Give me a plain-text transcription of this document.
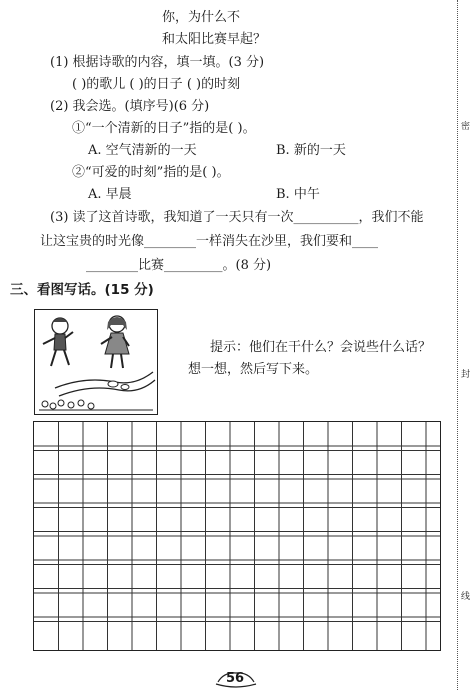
密
封
线
你，为什么不
和太阳比赛早起？
(1) 根据诗歌的内容，填一填。(3 分)
( )的歌儿 ( )的日子 ( )的时刻
(2) 我会选。(填序号)(6 分)
①“一个清新的日子”指的是( )。
A. 空气清新的一天	B. 新的一天
②“可爱的时刻”指的是( )。
A. 早晨	B. 中午
(3) 读了这首诗歌，我知道了一天只有一次__________，我们不能
让这宝贵的时光像________一样消失在沙里，我们要和____
________比赛_________。(8 分)
三、看图写话。(15 分)
提示：他们在干什么？会说些什么话？
想一想，然后写下来。
56
